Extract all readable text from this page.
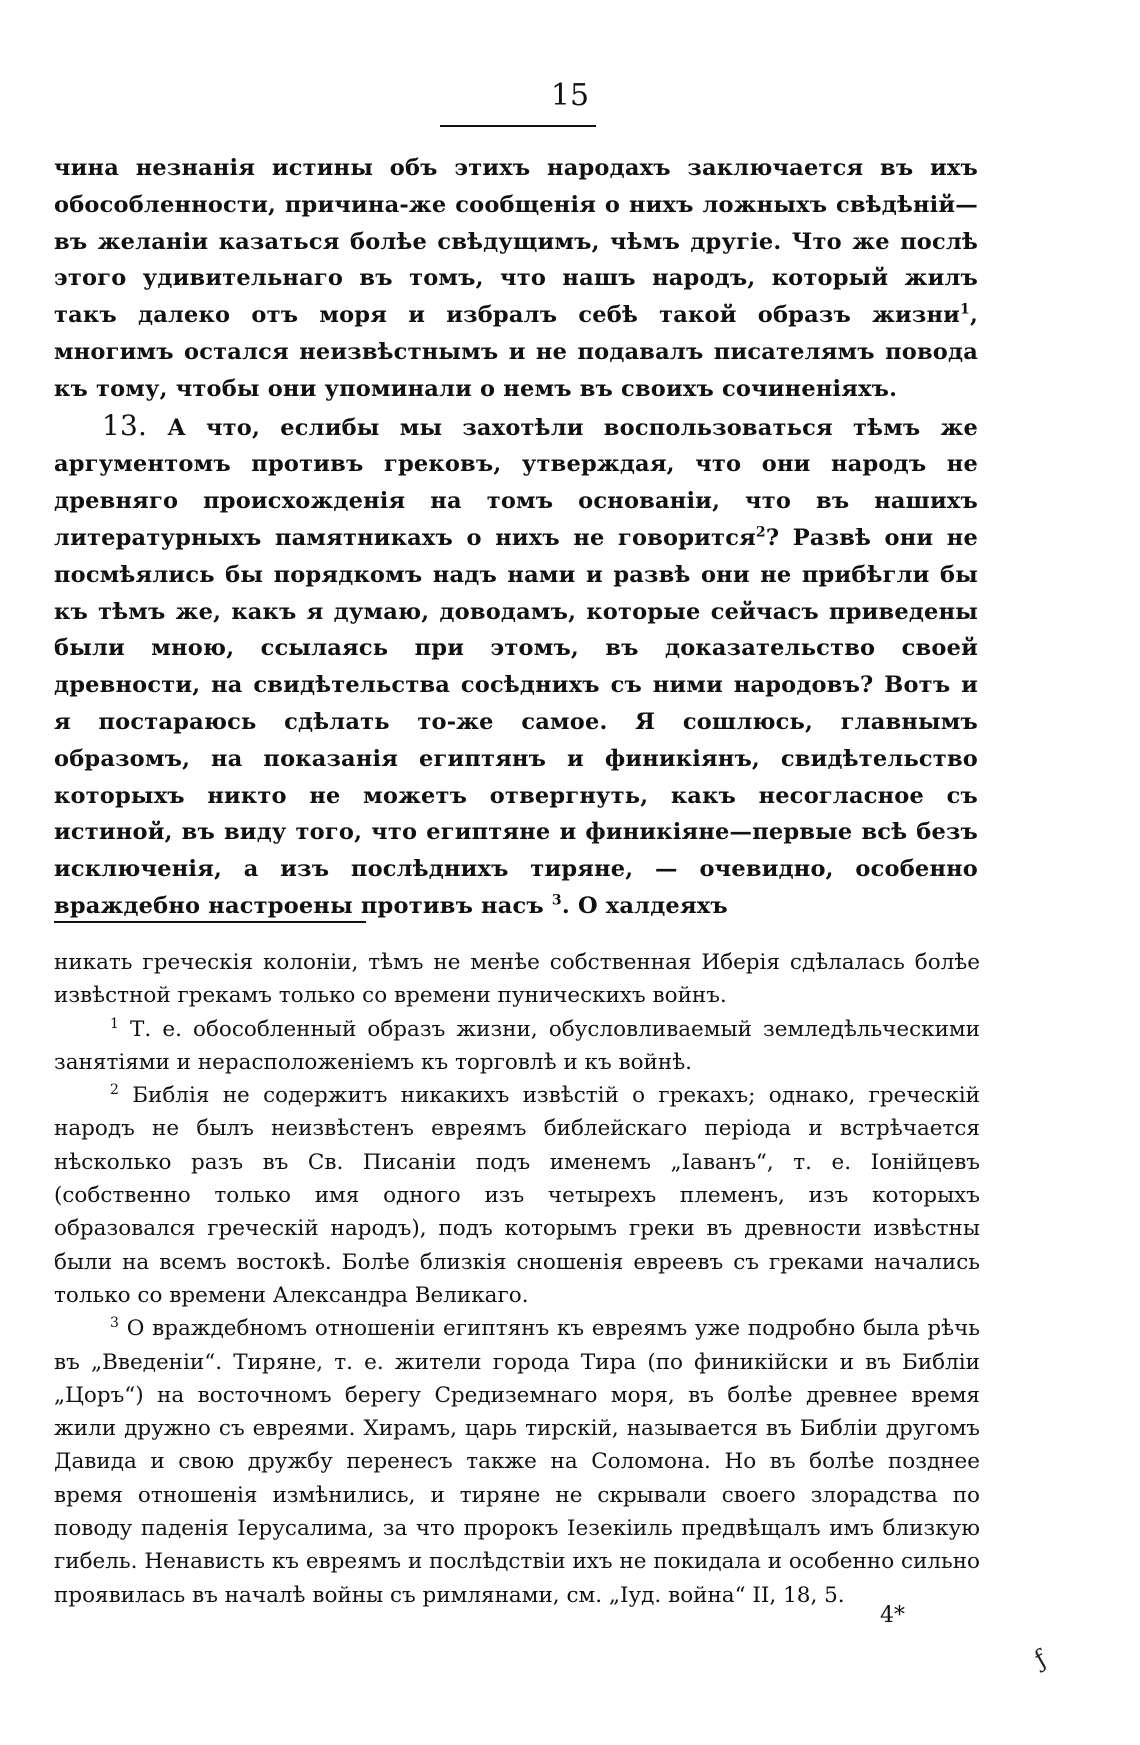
15

чина незнанія истины объ этихъ народахъ заключается въ ихъ обособленности, причина-же сообщенія о нихъ ложныхъ свѣдѣній—въ желаніи казаться болѣе свѣдущимъ, чѣмъ другіе. Что же послѣ этого удивительнаго въ томъ, что нашъ народъ, который жилъ такъ далеко отъ моря и избралъ себѣ такой образъ жизни$^1$, многимъ остался неизвѣстнымъ и не подавалъ писателямъ повода къ тому, чтобы они упоминали о немъ въ своихъ сочиненіяхъ.

13. А что, еслибы мы захотѣли воспользоваться тѣмъ же аргументомъ противъ грековъ, утверждая, что они народъ не древняго происхожденія на томъ основаніи, что въ нашихъ литературныхъ памятникахъ о нихъ не говорится$^2$? Развѣ они не посмѣялись бы порядкомъ надъ нами и развѣ они не прибѣгли бы къ тѣмъ же, какъ я думаю, доводамъ, которые сейчасъ приведены были мною, ссылаясь при этомъ, въ доказательство своей древности, на свидѣтельства сосѣднихъ съ ними народовъ? Вотъ и я постараюсь сдѣлать то-же самое. Я сошлюсь, главнымъ образомъ, на показанія египтянъ и финикіянъ, свидѣтельство которыхъ никто не можетъ отвергнуть, какъ несогласное съ истиной, въ виду того, что египтяне и финикіяне—первые всѣ безъ исключенія, а изъ послѣднихъ тиряне, — очевидно, особенно враждебно настроены противъ насъ $^3$. О халдеяхъ

никать греческія колоніи, тѣмъ не менѣе собственная Иберія сдѣлалась болѣе извѣстной грекамъ только со времени пуническихъ войнъ.

$^1$ Т. е. обособленный образъ жизни, обусловливаемый земледѣльческими занятіями и нерасположеніемъ къ торговлѣ и къ войнѣ.

$^2$ Библія не содержитъ никакихъ извѣстій о грекахъ; однако, греческій народъ не былъ неизвѣстенъ евреямъ библейскаго періода и встрѣчается нѣсколько разъ въ Св. Писаніи подъ именемъ „Іаванъ“, т. е. Іонійцевъ (собственно только имя одного изъ четырехъ племенъ, изъ которыхъ образовался греческій народъ), подъ которымъ греки въ древности извѣстны были на всемъ востокѣ. Болѣе близкія сношенія евреевъ съ греками начались только со времени Александра Великаго.

$^3$ О враждебномъ отношеніи египтянъ къ евреямъ уже подробно была рѣчь въ „Введеніи“. Тиряне, т. е. жители города Тира (по финикійски и въ Библіи „Цоръ“) на восточномъ берегу Средиземнаго моря, въ болѣе древнее время жили дружно съ евреями. Хирамъ, царь тирскій, называется въ Библіи другомъ Давида и свою дружбу перенесъ также на Соломона. Но въ болѣе позднее время отношенія измѣнились, и тиряне не скрывали своего злорадства по поводу паденія Іерусалима, за что пророкъ Іезекіиль предвѣщалъ имъ близкую гибель. Ненависть къ евреямъ и послѣдствіи ихъ не покидала и особенно сильно проявилась въ началѣ войны съ римлянами, см. „Іуд. война“ II, 18, 5.

4*
ƒ
